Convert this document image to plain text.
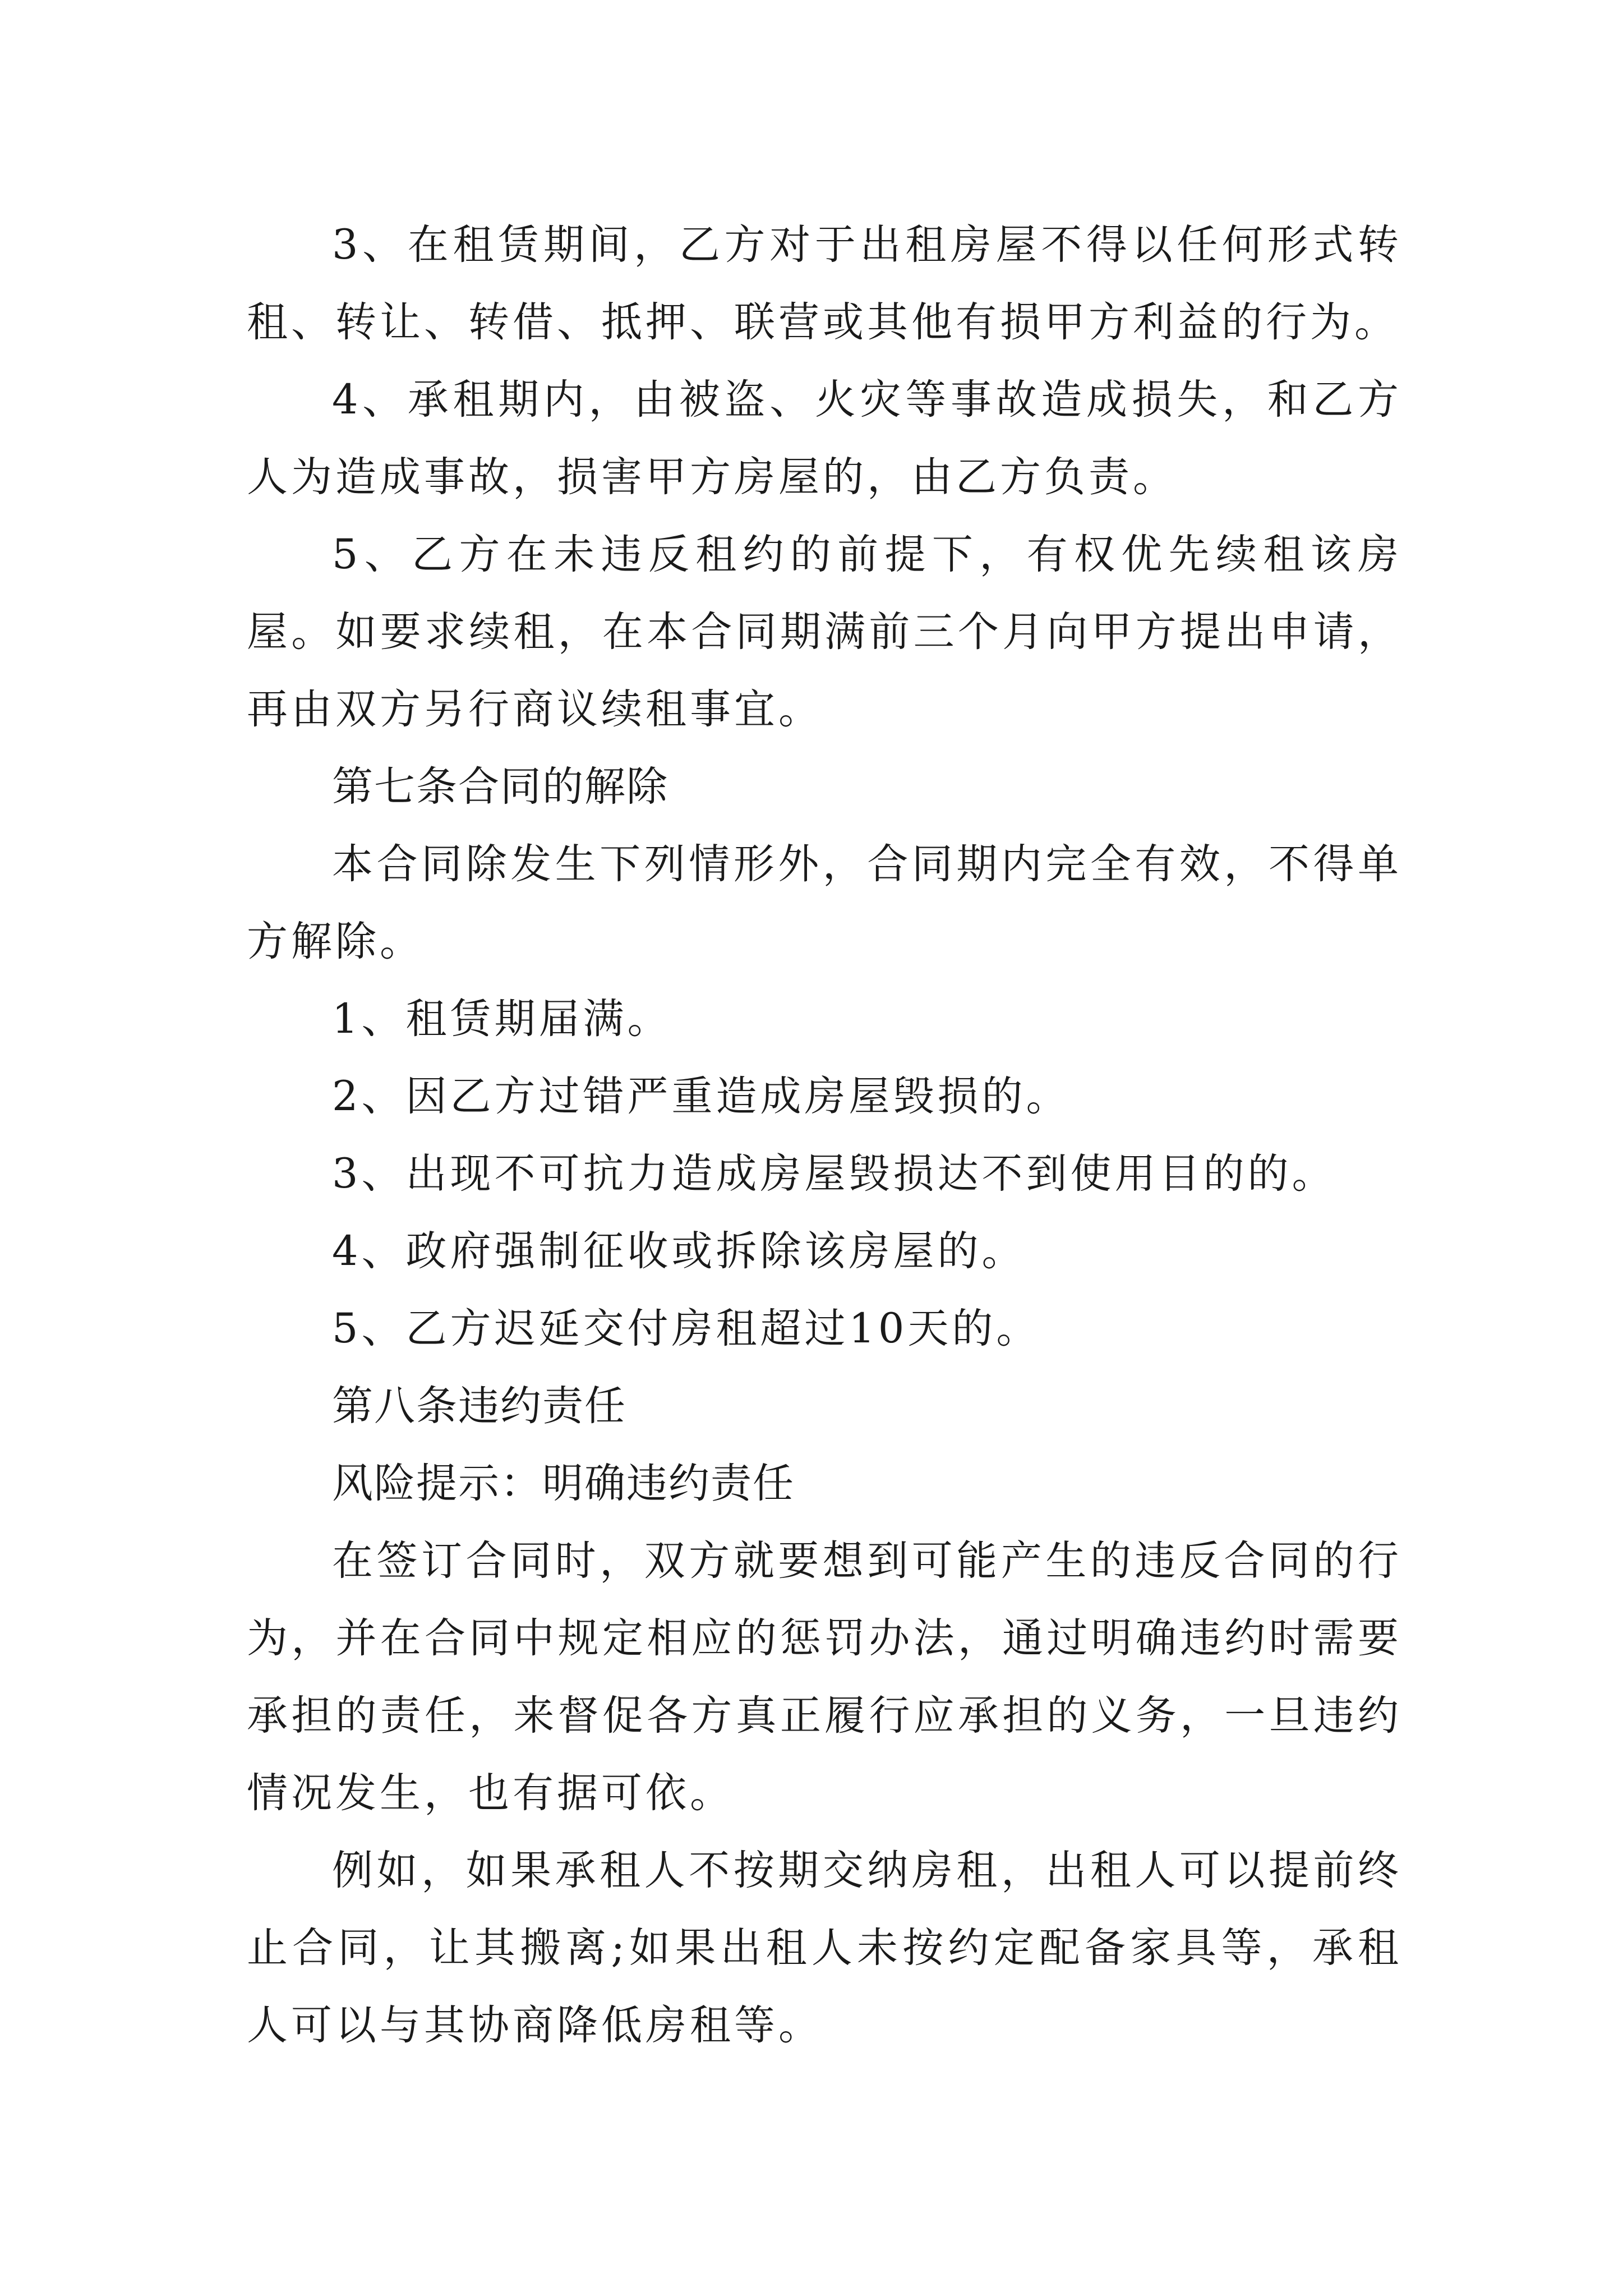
3、在租赁期间，乙方对于出租房屋不得以任何形式转租、转让、转借、抵押、联营或其他有损甲方利益的行为。

4、承租期内，由被盗、火灾等事故造成损失，和乙方人为造成事故，损害甲方房屋的，由乙方负责。

5、乙方在未违反租约的前提下，有权优先续租该房屋。如要求续租，在本合同期满前三个月向甲方提出申请，再由双方另行商议续租事宜。

第七条合同的解除

本合同除发生下列情形外，合同期内完全有效，不得单方解除。

1、租赁期届满。

2、因乙方过错严重造成房屋毁损的。

3、出现不可抗力造成房屋毁损达不到使用目的的。

4、政府强制征收或拆除该房屋的。

5、乙方迟延交付房租超过10天的。

第八条违约责任

风险提示：明确违约责任

在签订合同时，双方就要想到可能产生的违反合同的行为，并在合同中规定相应的惩罚办法，通过明确违约时需要承担的责任，来督促各方真正履行应承担的义务，一旦违约情况发生，也有据可依。

例如，如果承租人不按期交纳房租，出租人可以提前终止合同，让其搬离;如果出租人未按约定配备家具等，承租人可以与其协商降低房租等。
